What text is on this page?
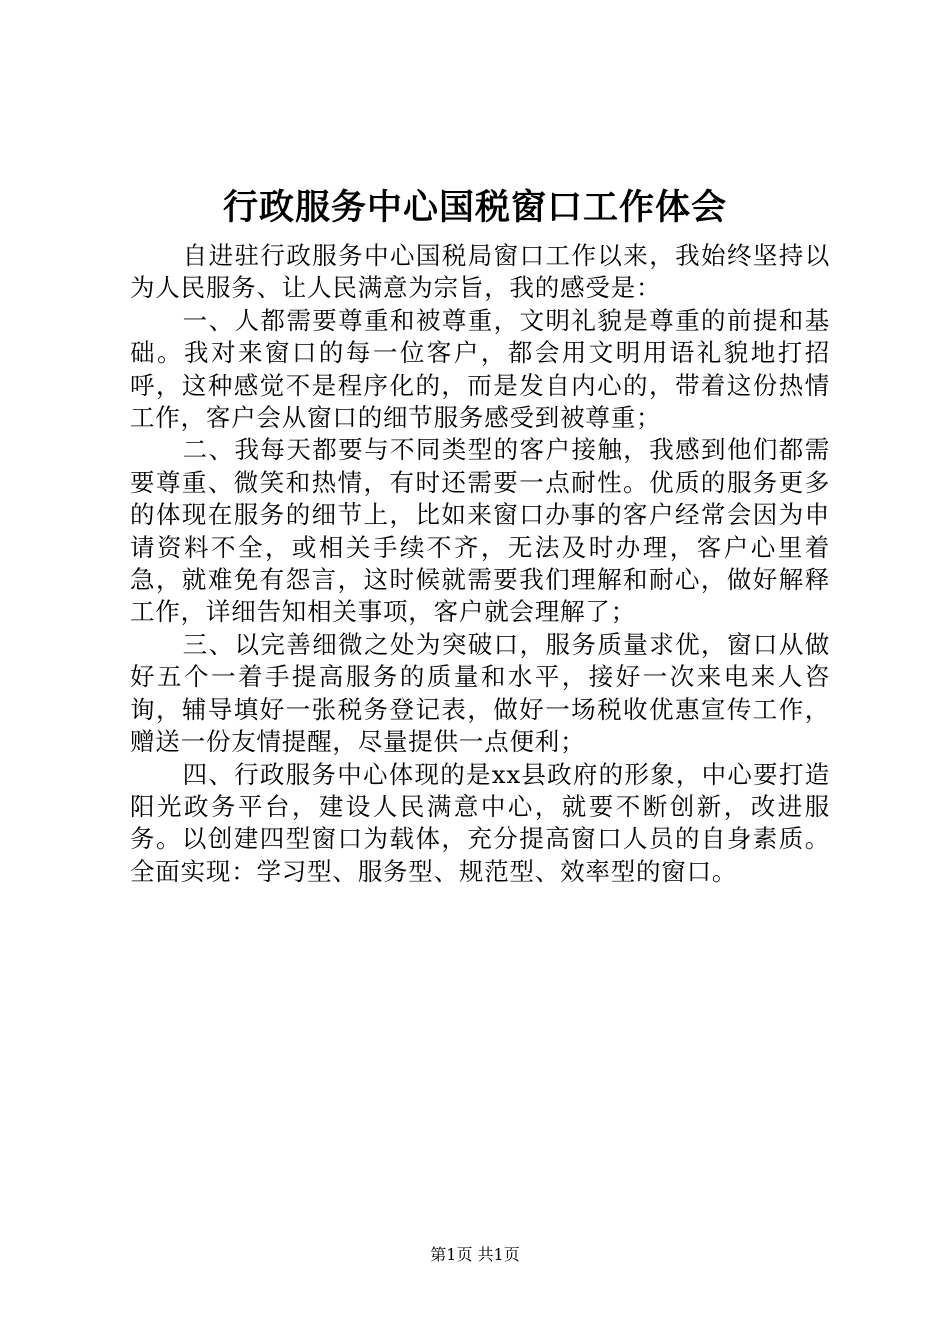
行政服务中心国税窗口工作体会

自进驻行政服务中心国税局窗口工作以来，我始终坚持以为人民服务、让人民满意为宗旨，我的感受是：

一、人都需要尊重和被尊重，文明礼貌是尊重的前提和基础。我对来窗口的每一位客户，都会用文明用语礼貌地打招呼，这种感觉不是程序化的，而是发自内心的，带着这份热情工作，客户会从窗口的细节服务感受到被尊重；

二、我每天都要与不同类型的客户接触，我感到他们都需要尊重、微笑和热情，有时还需要一点耐性。优质的服务更多的体现在服务的细节上，比如来窗口办事的客户经常会因为申请资料不全，或相关手续不齐，无法及时办理，客户心里着急，就难免有怨言，这时候就需要我们理解和耐心，做好解释工作，详细告知相关事项，客户就会理解了；

三、以完善细微之处为突破口，服务质量求优，窗口从做好五个一着手提高服务的质量和水平，接好一次来电来人咨询，辅导填好一张税务登记表，做好一场税收优惠宣传工作，赠送一份友情提醒，尽量提供一点便利；

四、行政服务中心体现的是xx县政府的形象，中心要打造阳光政务平台，建设人民满意中心，就要不断创新，改进服务。以创建四型窗口为载体，充分提高窗口人员的自身素质。全面实现：学习型、服务型、规范型、效率型的窗口。

第1页 共1页
